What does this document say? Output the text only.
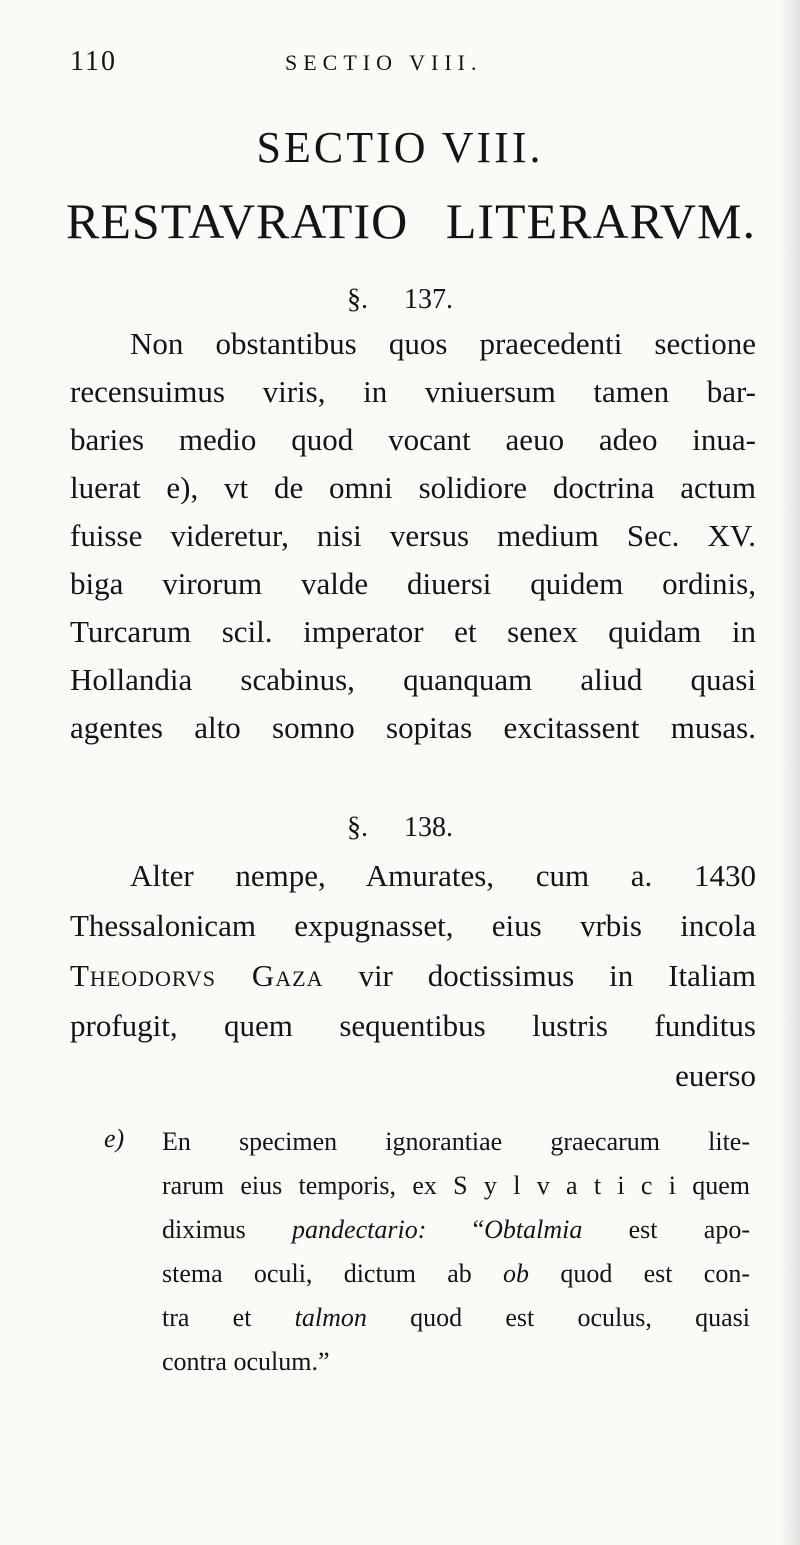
110	SECTIO VIII.
SECTIO VIII.
RESTAVRATIO LITERARVM.
§. 137.
Non obstantibus quos praecedenti sectione
recensuimus viris, in vniuersum tamen bar-
baries medio quod vocant aeuo adeo inua-
luerat e), vt de omni solidiore doctrina actum
fuisse videretur, nisi versus medium Sec. XV.
biga virorum valde diuersi quidem ordinis,
Turcarum scil. imperator et senex quidam in
Hollandia scabinus, quanquam aliud quasi
agentes alto somno sopitas excitassent musas.
§. 138.
Alter nempe, Amurates, cum a. 1430
Thessalonicam expugnasset, eius vrbis incola
Theodorvs Gaza vir doctissimus in Italiam
profugit, quem sequentibus lustris funditus
euerso
e) En specimen ignorantiae graecarum lite-
rarum eius temporis, ex S y l v a t i c i quem
diximus pandectario: “Obtalmia est apo-
stema oculi, dictum ab ob quod est con-
tra et talmon quod est oculus, quasi
contra oculum.”
